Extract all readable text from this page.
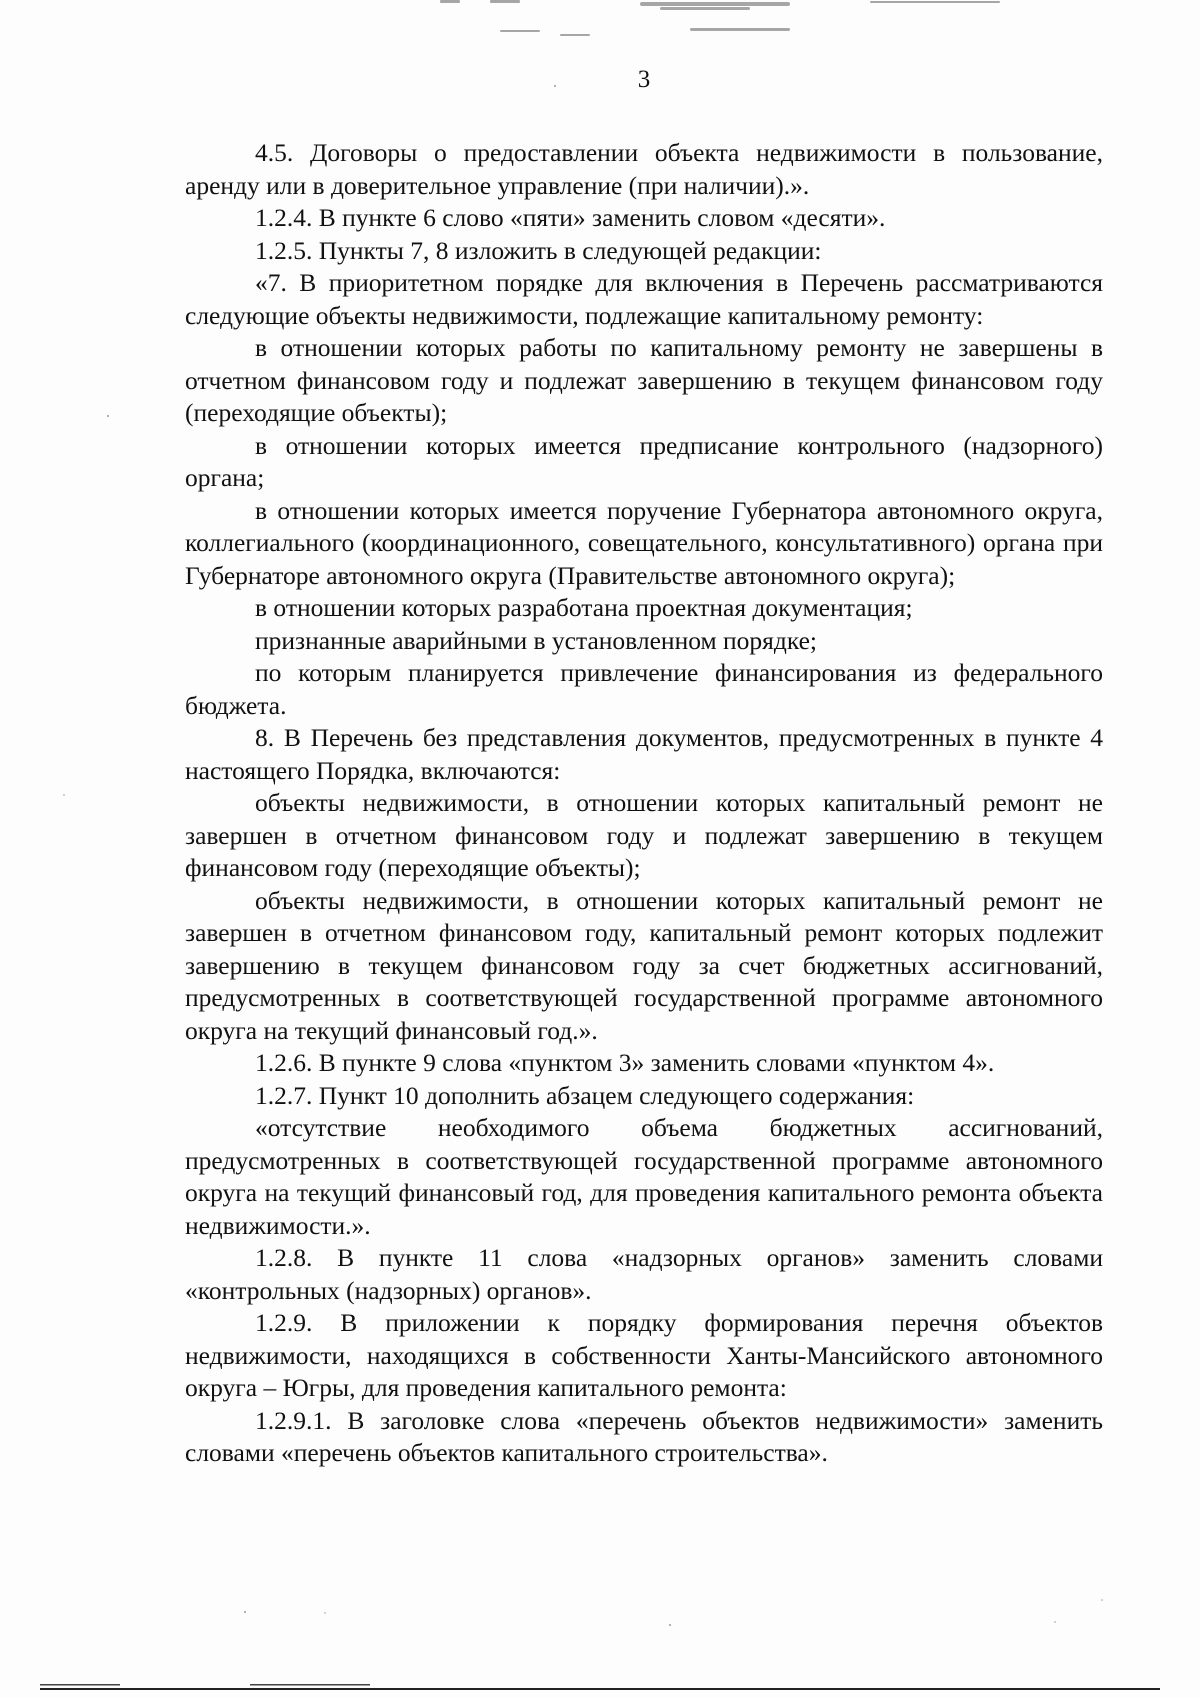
3

4.5. Договоры о предоставлении объекта недвижимости в пользование, аренду или в доверительное управление (при наличии).».

1.2.4. В пункте 6 слово «пяти» заменить словом «десяти».

1.2.5. Пункты 7, 8 изложить в следующей редакции:

«7. В приоритетном порядке для включения в Перечень рассматриваются следующие объекты недвижимости, подлежащие капитальному ремонту:

в отношении которых работы по капитальному ремонту не завершены в отчетном финансовом году и подлежат завершению в текущем финансовом году (переходящие объекты);

в отношении которых имеется предписание контрольного (надзорного) органа;

в отношении которых имеется поручение Губернатора автономного округа, коллегиального (координационного, совещательного, консультативного) органа при Губернаторе автономного округа (Правительстве автономного округа);

в отношении которых разработана проектная документация;

признанные аварийными в установленном порядке;

по которым планируется привлечение финансирования из федерального бюджета.

8. В Перечень без представления документов, предусмотренных в пункте 4 настоящего Порядка, включаются:

объекты недвижимости, в отношении которых капитальный ремонт не завершен в отчетном финансовом году и подлежат завершению в текущем финансовом году (переходящие объекты);

объекты недвижимости, в отношении которых капитальный ремонт не завершен в отчетном финансовом году, капитальный ремонт которых подлежит завершению в текущем финансовом году за счет бюджетных ассигнований, предусмотренных в соответствующей государственной программе автономного округа на текущий финансовый год.».

1.2.6. В пункте 9 слова «пунктом 3» заменить словами «пунктом 4».

1.2.7. Пункт 10 дополнить абзацем следующего содержания:

«отсутствие необходимого объема бюджетных ассигнований, предусмотренных в соответствующей государственной программе автономного округа на текущий финансовый год, для проведения капитального ремонта объекта недвижимости.».

1.2.8. В пункте 11 слова «надзорных органов» заменить словами «контрольных (надзорных) органов».

1.2.9. В приложении к порядку формирования перечня объектов недвижимости, находящихся в собственности Ханты-Мансийского автономного округа – Югры, для проведения капитального ремонта:

1.2.9.1. В заголовке слова «перечень объектов недвижимости» заменить словами «перечень объектов капитального строительства».
